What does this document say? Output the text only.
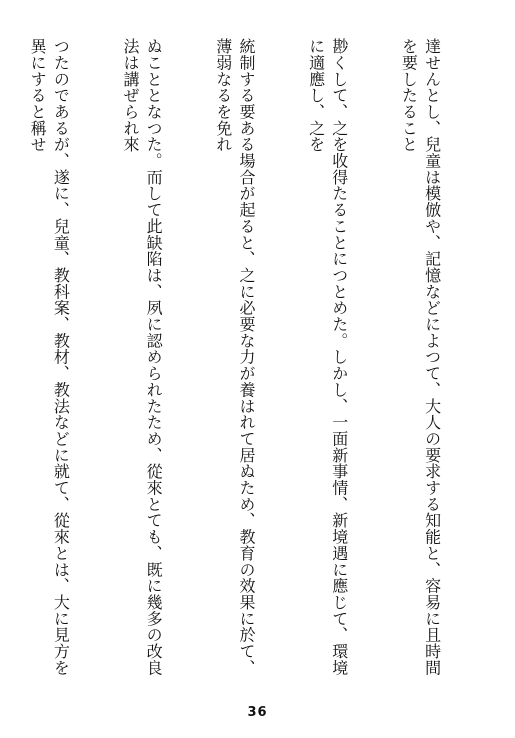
達せんとし、兒童は模倣や、記憶などによつて、大人の要求する知能と、容易に且時間を要したること

尠くして、之を收得たることにつとめた。しかし、一面新事情、新境遇に應じて、環境に適應し、之を

統制する要ある場合が起ると、之に必要な力が養はれて居ぬため、教育の效果に於て、薄弱なるを免れ

ぬこととなつた。而して此缺陷は、夙に認められたため、從來とても、既に幾多の改良法は講ぜられ來

つたのであるが、遂に、兒童、教科案、教材、教法などに就て、從來とは、大に見方を異にすると稱せ

36
